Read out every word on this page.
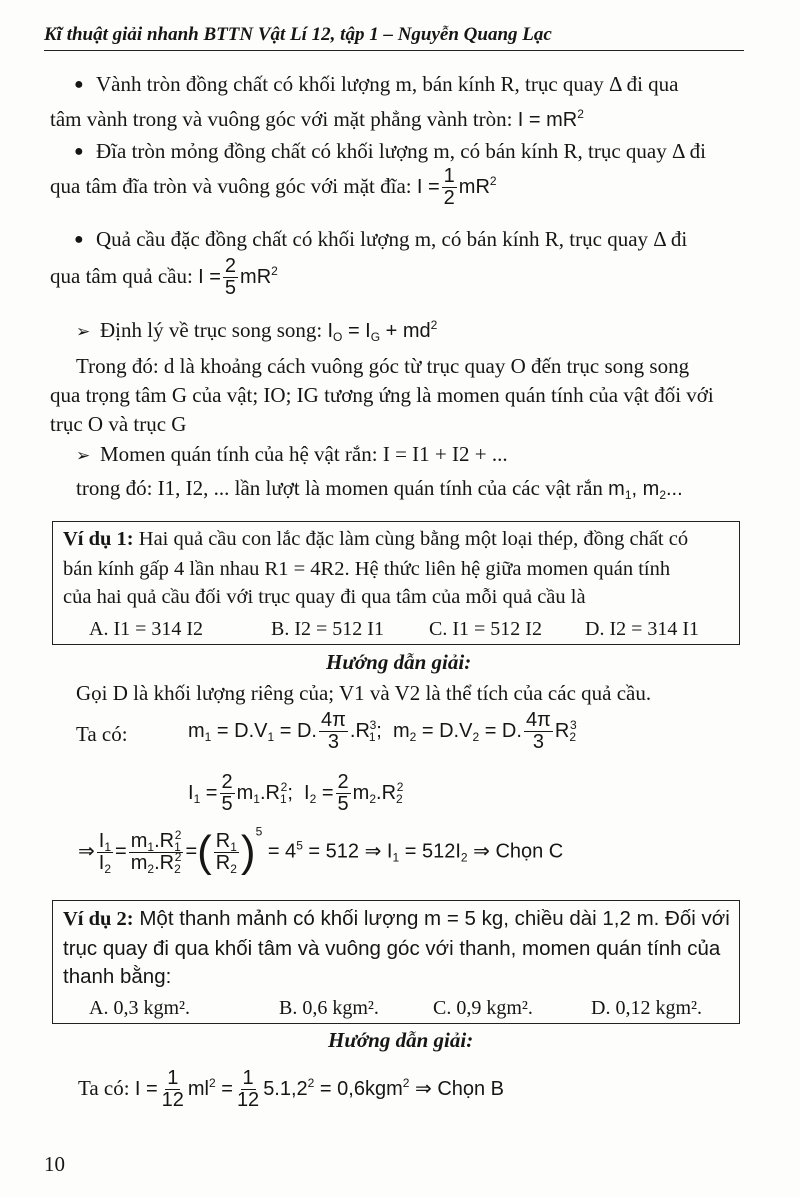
Kĩ thuật giải nhanh BTTN Vật Lí 12, tập 1 – Nguyễn Quang Lạc
● Vành tròn đồng chất có khối lượng m, bán kính R, trục quay Δ đi qua
tâm vành trong và vuông góc với mặt phẳng vành tròn: $I = mR^2$
● Đĩa tròn mỏng đồng chất có khối lượng m, có bán kính R, trục quay Δ đi
qua tâm đĩa tròn và vuông góc với mặt đĩa: $I = \frac{1}{2} mR^2$
● Quả cầu đặc đồng chất có khối lượng m, có bán kính R, trục quay Δ đi
qua tâm quả cầu: $I = \frac{2}{5} mR^2$
➢ Định lý về trục song song: $I_O = I_G + md^2$
Trong đó: d là khoảng cách vuông góc từ trục quay O đến trục song song
qua trọng tâm G của vật; IO; IG tương ứng là momen quán tính của vật đối với
trục O và trục G
➢ Momen quán tính của hệ vật rắn: I = I1 + I2 + ...
trong đó: I1, I2, ... lần lượt là momen quán tính của các vật rắn $m_1$, $m_2$...
Ví dụ 1: Hai quả cầu con lắc đặc làm cùng bằng một loại thép, đồng chất có
bán kính gấp 4 lần nhau R1 = 4R2. Hệ thức liên hệ giữa momen quán tính
của hai quả cầu đối với trục quay đi qua tâm của mỗi quả cầu là
A. I1 = 314 I2	B. I2 = 512 I1 C. I1 = 512 I2 D. I2 = 314 I1
Hướng dẫn giải:
Gọi D là khối lượng riêng của; V1 và V2 là thể tích của các quả cầu.
Ta có:	$m_1 = D.V_1 = D$. $\frac{4\pi}{3} .R_1^3$;  $m_2 = D.V_2 = D$. $\frac{4\pi}{3} R_2^3$
$I_1 = \frac{2}{5} m_1.R_1^2$;  $I_2 = \frac{2}{5} m_2.R_2^2$
⇒ $\frac{I_1}{I_2} = \frac{m_1.R_1^2}{m_2.R_2^2}$ =( $\frac{R_1}{R_2} )^5 = 4^5 = 512$ ⇒ $I_1 = 512I_2$ ⇒ Chọn C
Ví dụ 2: Một thanh mảnh có khối lượng m = 5 kg, chiều dài 1,2 m. Đối với
trục quay đi qua khối tâm và vuông góc với thanh, momen quán tính của
thanh bằng:
A. 0,3 kgm².	B. 0,6 kgm².	C. 0,9 kgm².	D. 0,12 kgm².
Hướng dẫn giải:
Ta có: $I = \frac{1}{12} ml^2 = \frac{1}{12} 5.1,2^2 = 0,6kgm^2$ ⇒ Chọn B
10
